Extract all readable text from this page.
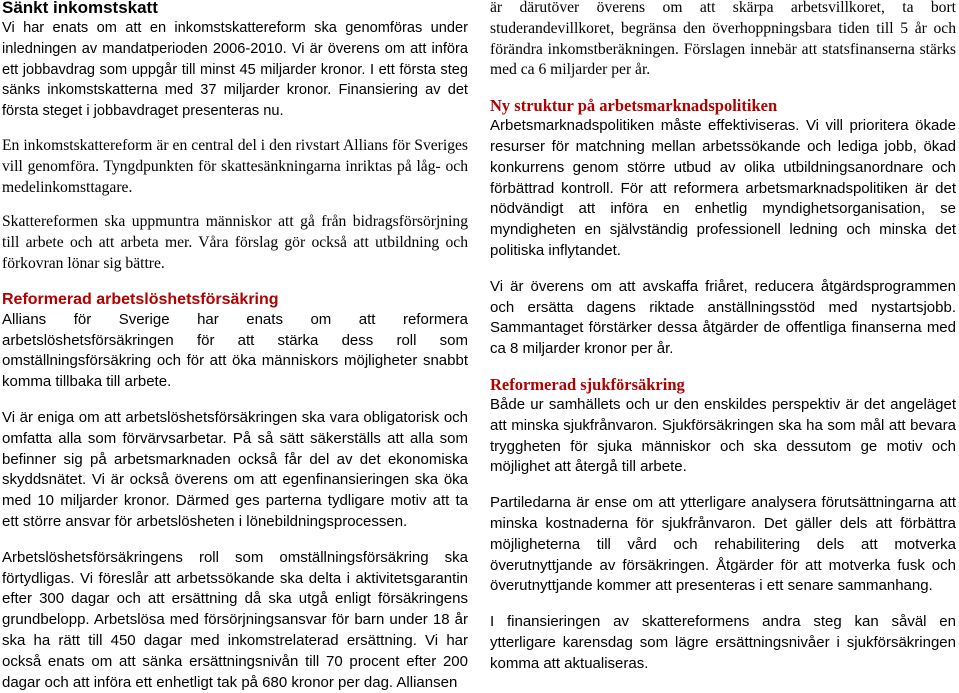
Sänkt inkomstskatt

Vi har enats om att en inkomstskattereform ska genomföras under inledningen av mandatperioden 2006-2010. Vi är överens om att införa ett jobbavdrag som uppgår till minst 45 miljarder kronor. I ett första steg sänks inkomstskatterna med 37 miljarder kronor. Finansiering av det första steget i jobbavdraget presenteras nu.

En inkomstskattereform är en central del i den rivstart Allians för Sveriges vill genomföra. Tyngdpunkten för skattesänkningarna inriktas på låg- och medelinkomsttagare.

Skattereformen ska uppmuntra människor att gå från bidragsförsörjning till arbete och att arbeta mer. Våra förslag gör också att utbildning och förkovran lönar sig bättre.

Reformerad arbetslöshetsförsäkring

Allians för Sverige har enats om att reformera arbetslöshetsförsäkringen för att stärka dess roll som omställningsförsäkring och för att öka människors möjligheter snabbt komma tillbaka till arbete.

Vi är eniga om att arbetslöshetsförsäkringen ska vara obligatorisk och omfatta alla som förvärvsarbetar. På så sätt säkerställs att alla som befinner sig på arbetsmarknaden också får del av det ekonomiska skyddsnätet. Vi är också överens om att egenfinansieringen ska öka med 10 miljarder kronor. Därmed ges parterna tydligare motiv att ta ett större ansvar för arbetslösheten i lönebildningsprocessen.

Arbetslöshetsförsäkringens roll som omställningsförsäkring ska förtydligas. Vi föreslår att arbetssökande ska delta i aktivitetsgarantin efter 300 dagar och att ersättning då ska utgå enligt försäkringens grundbelopp. Arbetslösa med försörjningsansvar för barn under 18 år ska ha rätt till 450 dagar med inkomstrelaterad ersättning. Vi har också enats om att sänka ersättningsnivån till 70 procent efter 200 dagar och att införa ett enhetligt tak på 680 kronor per dag. Alliansen

är därutöver överens om att skärpa arbetsvillkoret, ta bort studerandevillkoret, begränsa den överhoppningsbara tiden till 5 år och förändra inkomstberäkningen. Förslagen innebär att statsfinanserna stärks med ca 6 miljarder per år.

Ny struktur på arbetsmarknadspolitiken

Arbetsmarknadspolitiken måste effektiviseras. Vi vill prioritera ökade resurser för matchning mellan arbetssökande och lediga jobb, ökad konkurrens genom större utbud av olika utbildningsanordnare och förbättrad kontroll. För att reformera arbetsmarknadspolitiken är det nödvändigt att införa en enhetlig myndighetsorganisation, se myndigheten en självständig professionell ledning och minska det politiska inflytandet.

Vi är överens om att avskaffa friåret, reducera åtgärdsprogrammen och ersätta dagens riktade anställningsstöd med nystartsjobb. Sammantaget förstärker dessa åtgärder de offentliga finanserna med ca 8 miljarder kronor per år.

Reformerad sjukförsäkring

Både ur samhällets och ur den enskildes perspektiv är det angeläget att minska sjukfrånvaron. Sjukförsäkringen ska ha som mål att bevara tryggheten för sjuka människor och ska dessutom ge motiv och möjlighet att återgå till arbete.

Partiledarna är ense om att ytterligare analysera förutsättningarna att minska kostnaderna för sjukfrånvaron. Det gäller dels att förbättra möjligheterna till vård och rehabilitering dels att motverka överutnyttjande av försäkringen. Åtgärder för att motverka fusk och överutnyttjande kommer att presenteras i ett senare sammanhang.

I finansieringen av skattereformens andra steg kan såväl en ytterligare karensdag som lägre ersättningsnivåer i sjukförsäkringen komma att aktualiseras.
